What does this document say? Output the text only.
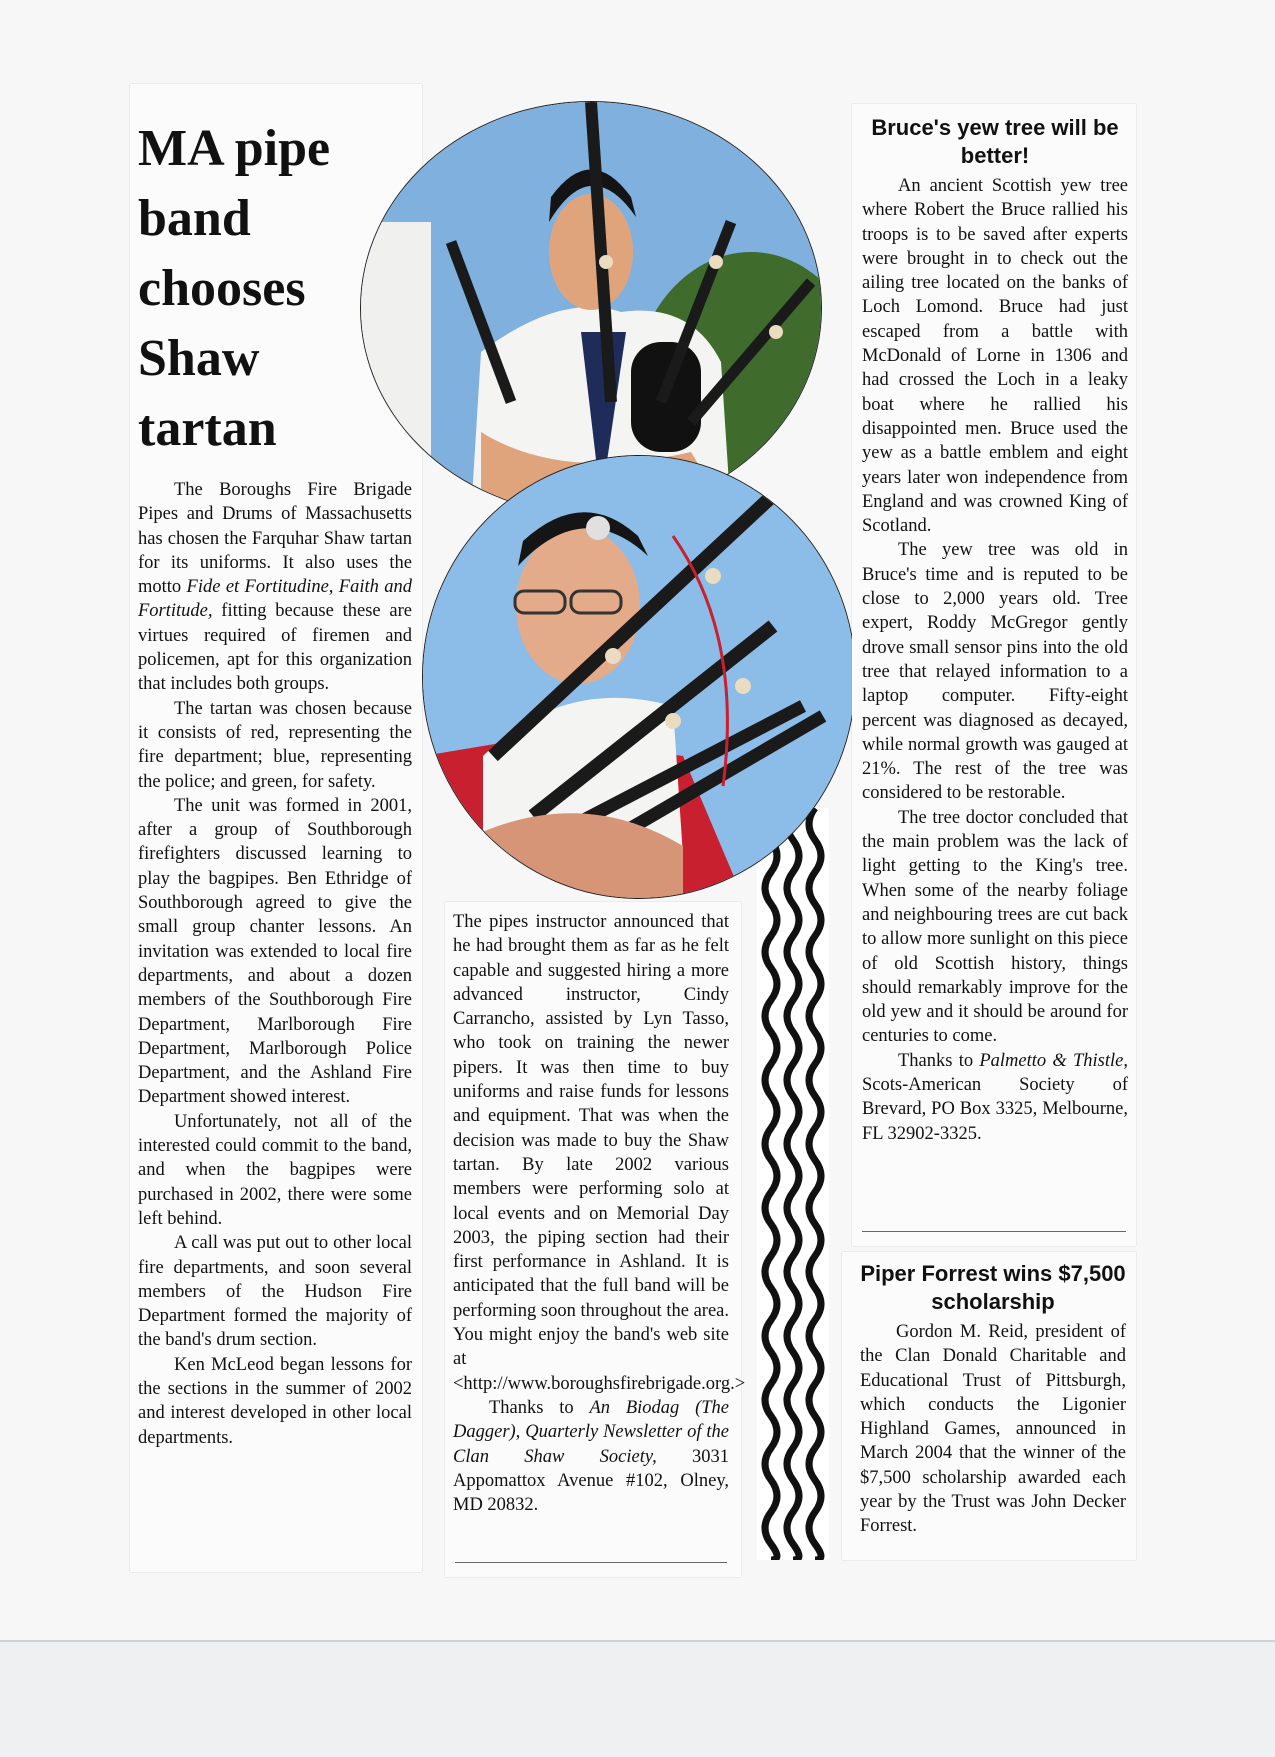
MA pipe
band
chooses
Shaw
tartan

The Boroughs Fire Brigade Pipes and Drums of Massachusetts has chosen the Farquhar Shaw tartan for its uniforms. It also uses the motto Fide et Fortitudine, Faith and Fortitude, fitting because these are virtues required of firemen and policemen, apt for this organization that includes both groups.

The tartan was chosen because it consists of red, representing the fire department; blue, representing the police; and green, for safety.

The unit was formed in 2001, after a group of Southborough firefighters discussed learning to play the bagpipes. Ben Ethridge of Southborough agreed to give the small group chanter lessons. An invitation was extended to local fire departments, and about a dozen members of the Southborough Fire Department, Marlborough Fire Department, Marlborough Police Department, and the Ashland Fire Department showed interest.

Unfortunately, not all of the interested could commit to the band, and when the bagpipes were purchased in 2002, there were some left behind.

A call was put out to other local fire departments, and soon several members of the Hudson Fire Department formed the majority of the band's drum section.

Ken McLeod began lessons for the sections in the summer of 2002 and interest developed in other local departments.

The pipes instructor announced that he had brought them as far as he felt capable and suggested hiring a more advanced instructor, Cindy Carrancho, assisted by Lyn Tasso, who took on training the newer pipers. It was then time to buy uniforms and raise funds for lessons and equipment. That was when the decision was made to buy the Shaw tartan. By late 2002 various members were performing solo at local events and on Memorial Day 2003, the piping section had their first performance in Ashland. It is anticipated that the full band will be performing soon throughout the area. You might enjoy the band's web site at <http://www.boroughsfirebrigade.org.>

Thanks to An Biodag (The Dagger), Quarterly Newsletter of the Clan Shaw Society, 3031 Appomattox Avenue #102, Olney, MD 20832.

Bruce's yew tree will be better!

An ancient Scottish yew tree where Robert the Bruce rallied his troops is to be saved after experts were brought in to check out the ailing tree located on the banks of Loch Lomond. Bruce had just escaped from a battle with McDonald of Lorne in 1306 and had crossed the Loch in a leaky boat where he rallied his disappointed men. Bruce used the yew as a battle emblem and eight years later won independence from England and was crowned King of Scotland.

The yew tree was old in Bruce's time and is reputed to be close to 2,000 years old. Tree expert, Roddy McGregor gently drove small sensor pins into the old tree that relayed information to a laptop computer. Fifty-eight percent was diagnosed as decayed, while normal growth was gauged at 21%. The rest of the tree was considered to be restorable.

The tree doctor concluded that the main problem was the lack of light getting to the King's tree. When some of the nearby foliage and neighbouring trees are cut back to allow more sunlight on this piece of old Scottish history, things should remarkably improve for the old yew and it should be around for centuries to come.

Thanks to Palmetto & Thistle, Scots-American Society of Brevard, PO Box 3325, Melbourne, FL 32902-3325.

Piper Forrest wins $7,500 scholarship

Gordon M. Reid, president of the Clan Donald Charitable and Educational Trust of Pittsburgh, which conducts the Ligonier Highland Games, announced in March 2004 that the winner of the $7,500 scholarship awarded each year by the Trust was John Decker Forrest.
